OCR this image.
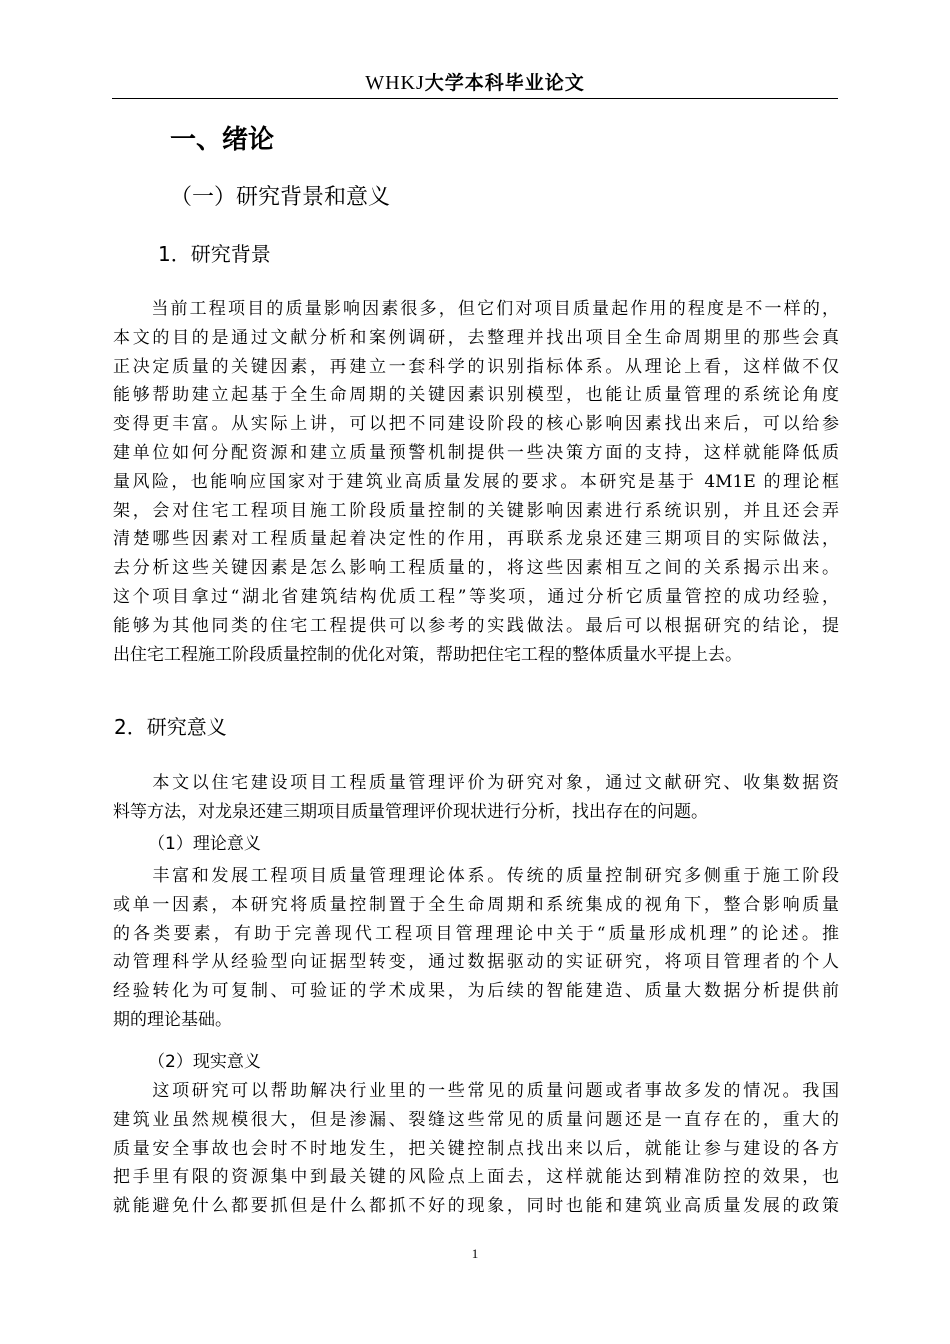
WHKJ大学本科毕业论文
一、绪论
（一）研究背景和意义
1．研究背景
　　当前工程项目的质量影响因素很多，但它们对项目质量起作用的程度是不一样的，
本文的目的是通过文献分析和案例调研，去整理并找出项目全生命周期里的那些会真
正决定质量的关键因素，再建立一套科学的识别指标体系。从理论上看，这样做不仅
能够帮助建立起基于全生命周期的关键因素识别模型，也能让质量管理的系统论角度
变得更丰富。从实际上讲，可以把不同建设阶段的核心影响因素找出来后，可以给参
建单位如何分配资源和建立质量预警机制提供一些决策方面的支持，这样就能降低质
量风险，也能响应国家对于建筑业高质量发展的要求。本研究是基于 4M1E 的理论框
架，会对住宅工程项目施工阶段质量控制的关键影响因素进行系统识别，并且还会弄
清楚哪些因素对工程质量起着决定性的作用，再联系龙泉还建三期项目的实际做法，
去分析这些关键因素是怎么影响工程质量的，将这些因素相互之间的关系揭示出来。
这个项目拿过“湖北省建筑结构优质工程”等奖项，通过分析它质量管控的成功经验，
能够为其他同类的住宅工程提供可以参考的实践做法。最后可以根据研究的结论，提
出住宅工程施工阶段质量控制的优化对策，帮助把住宅工程的整体质量水平提上去。
2．研究意义
　　本文以住宅建设项目工程质量管理评价为研究对象，通过文献研究、收集数据资
料等方法，对龙泉还建三期项目质量管理评价现状进行分析，找出存在的问题。
（1）理论意义
　　丰富和发展工程项目质量管理理论体系。传统的质量控制研究多侧重于施工阶段
或单一因素，本研究将质量控制置于全生命周期和系统集成的视角下，整合影响质量
的各类要素，有助于完善现代工程项目管理理论中关于“质量形成机理”的论述。推
动管理科学从经验型向证据型转变，通过数据驱动的实证研究，将项目管理者的个人
经验转化为可复制、可验证的学术成果，为后续的智能建造、质量大数据分析提供前
期的理论基础。
（2）现实意义
　　这项研究可以帮助解决行业里的一些常见的质量问题或者事故多发的情况。我国
建筑业虽然规模很大，但是渗漏、裂缝这些常见的质量问题还是一直存在的，重大的
质量安全事故也会时不时地发生，把关键控制点找出来以后，就能让参与建设的各方
把手里有限的资源集中到最关键的风险点上面去，这样就能达到精准防控的效果，也
就能避免什么都要抓但是什么都抓不好的现象，同时也能和建筑业高质量发展的政策
1
